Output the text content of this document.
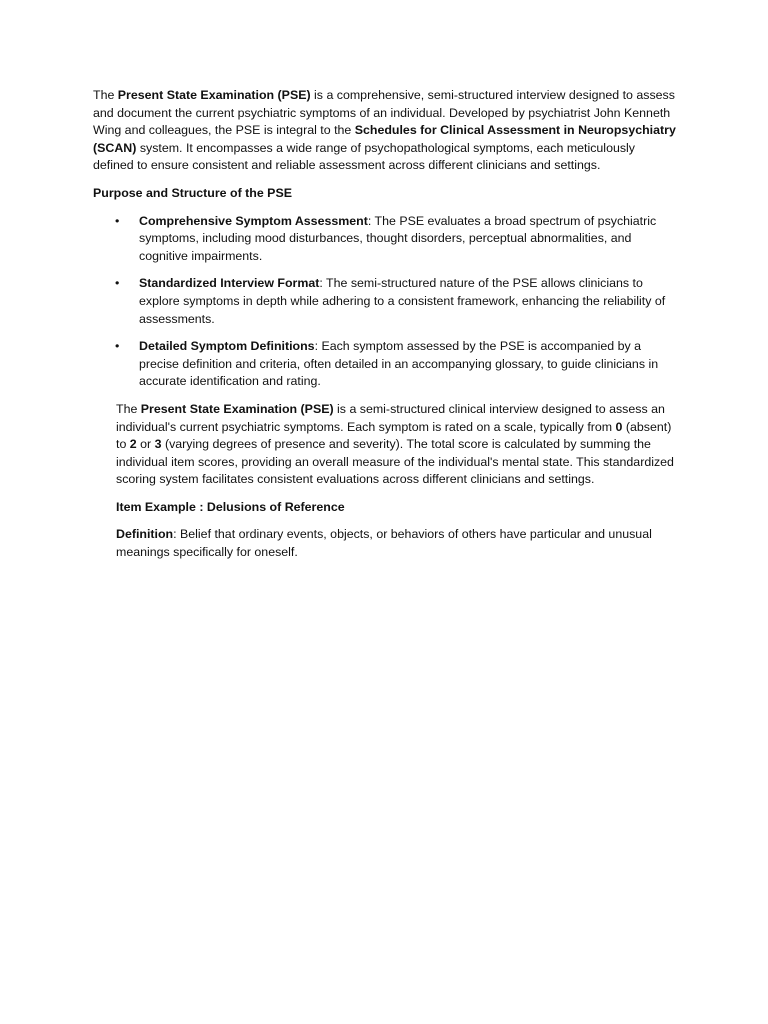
The Present State Examination (PSE) is a comprehensive, semi-structured interview designed to assess and document the current psychiatric symptoms of an individual. Developed by psychiatrist John Kenneth Wing and colleagues, the PSE is integral to the Schedules for Clinical Assessment in Neuropsychiatry (SCAN) system. It encompasses a wide range of psychopathological symptoms, each meticulously defined to ensure consistent and reliable assessment across different clinicians and settings.

Purpose and Structure of the PSE

• Comprehensive Symptom Assessment: The PSE evaluates a broad spectrum of psychiatric symptoms, including mood disturbances, thought disorders, perceptual abnormalities, and cognitive impairments.
• Standardized Interview Format: The semi-structured nature of the PSE allows clinicians to explore symptoms in depth while adhering to a consistent framework, enhancing the reliability of assessments.
• Detailed Symptom Definitions: Each symptom assessed by the PSE is accompanied by a precise definition and criteria, often detailed in an accompanying glossary, to guide clinicians in accurate identification and rating.

The Present State Examination (PSE) is a semi-structured clinical interview designed to assess an individual's current psychiatric symptoms. Each symptom is rated on a scale, typically from 0 (absent) to 2 or 3 (varying degrees of presence and severity). The total score is calculated by summing the individual item scores, providing an overall measure of the individual's mental state. This standardized scoring system facilitates consistent evaluations across different clinicians and settings.

Item Example : Delusions of Reference

Definition: Belief that ordinary events, objects, or behaviors of others have particular and unusual meanings specifically for oneself.
